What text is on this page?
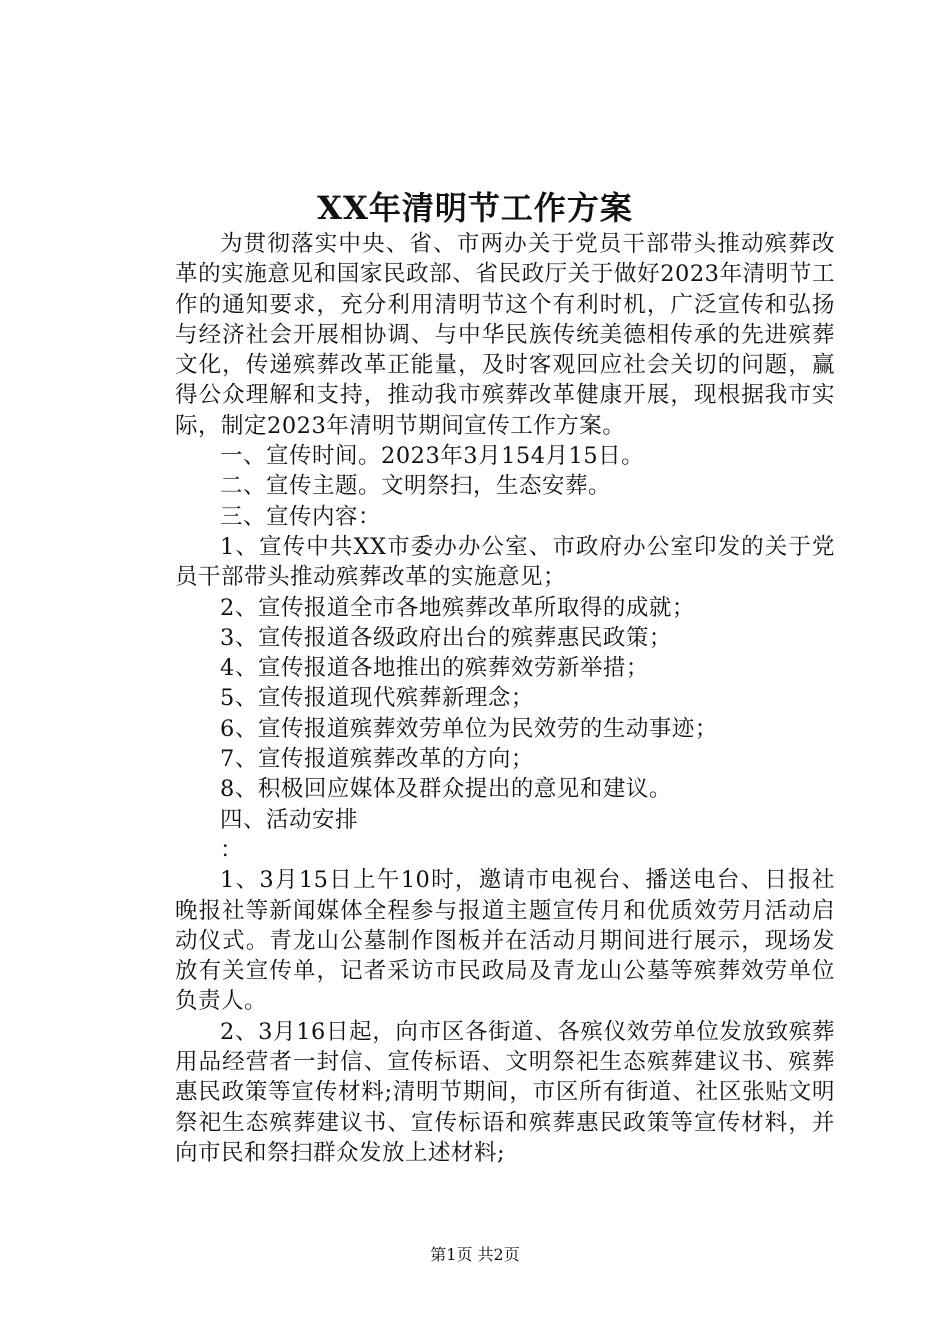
XX年清明节工作方案

为贯彻落实中央、省、市两办关于党员干部带头推动殡葬改革的实施意见和国家民政部、省民政厅关于做好2023年清明节工作的通知要求，充分利用清明节这个有利时机，广泛宣传和弘扬与经济社会开展相协调、与中华民族传统美德相传承的先进殡葬文化，传递殡葬改革正能量，及时客观回应社会关切的问题，赢得公众理解和支持，推动我市殡葬改革健康开展，现根据我市实际，制定2023年清明节期间宣传工作方案。

一、宣传时间。2023年3月154月15日。

二、宣传主题。文明祭扫，生态安葬。

三、宣传内容：

1、宣传中共XX市委办办公室、市政府办公室印发的关于党员干部带头推动殡葬改革的实施意见；

2、宣传报道全市各地殡葬改革所取得的成就；

3、宣传报道各级政府出台的殡葬惠民政策；

4、宣传报道各地推出的殡葬效劳新举措；

5、宣传报道现代殡葬新理念；

6、宣传报道殡葬效劳单位为民效劳的生动事迹；

7、宣传报道殡葬改革的方向；

8、积极回应媒体及群众提出的意见和建议。

四、活动安排

：

1、3月15日上午10时，邀请市电视台、播送电台、日报社晚报社等新闻媒体全程参与报道主题宣传月和优质效劳月活动启动仪式。青龙山公墓制作图板并在活动月期间进行展示，现场发放有关宣传单，记者采访市民政局及青龙山公墓等殡葬效劳单位负责人。

2、3月16日起，向市区各街道、各殡仪效劳单位发放致殡葬用品经营者一封信、宣传标语、文明祭祀生态殡葬建议书、殡葬惠民政策等宣传材料;清明节期间，市区所有街道、社区张贴文明祭祀生态殡葬建议书、宣传标语和殡葬惠民政策等宣传材料，并向市民和祭扫群众发放上述材料;

第1页 共2页
